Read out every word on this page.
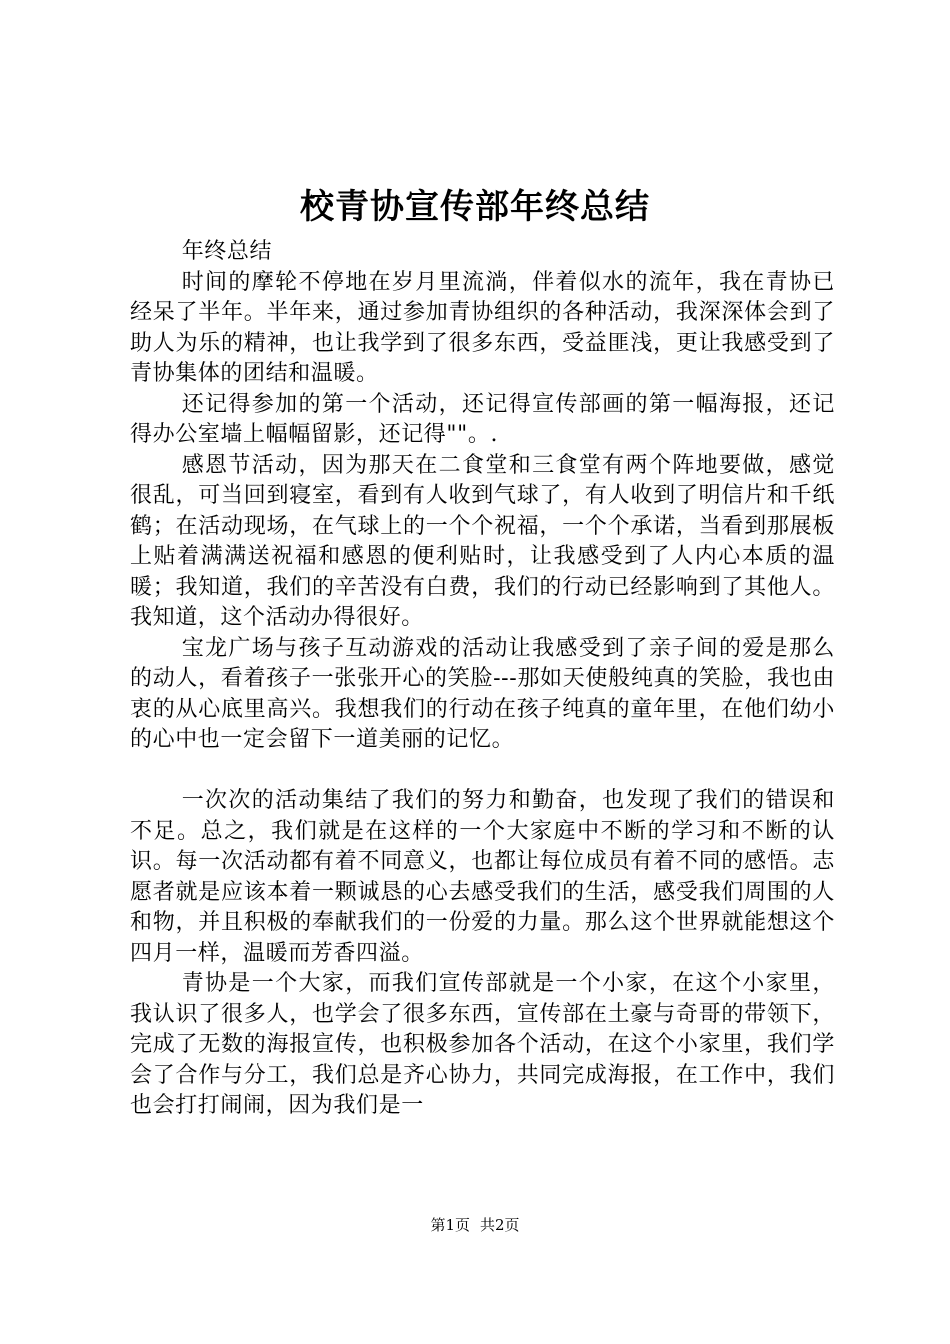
校青协宣传部年终总结

年终总结

时间的摩轮不停地在岁月里流淌，伴着似水的流年，我在青协已经呆了半年。半年来，通过参加青协组织的各种活动，我深深体会到了助人为乐的精神，也让我学到了很多东西，受益匪浅，更让我感受到了青协集体的团结和温暖。

还记得参加的第一个活动，还记得宣传部画的第一幅海报，还记得办公室墙上幅幅留影，还记得""。.

感恩节活动，因为那天在二食堂和三食堂有两个阵地要做，感觉很乱，可当回到寝室，看到有人收到气球了，有人收到了明信片和千纸鹤；在活动现场，在气球上的一个个祝福，一个个承诺，当看到那展板上贴着满满送祝福和感恩的便利贴时，让我感受到了人内心本质的温暖；我知道，我们的辛苦没有白费，我们的行动已经影响到了其他人。我知道，这个活动办得很好。

宝龙广场与孩子互动游戏的活动让我感受到了亲子间的爱是那么的动人，看着孩子一张张开心的笑脸---那如天使般纯真的笑脸，我也由衷的从心底里高兴。我想我们的行动在孩子纯真的童年里，在他们幼小的心中也一定会留下一道美丽的记忆。

一次次的活动集结了我们的努力和勤奋，也发现了我们的错误和不足。总之，我们就是在这样的一个大家庭中不断的学习和不断的认识。每一次活动都有着不同意义，也都让每位成员有着不同的感悟。志愿者就是应该本着一颗诚恳的心去感受我们的生活，感受我们周围的人和物，并且积极的奉献我们的一份爱的力量。那么这个世界就能想这个四月一样，温暖而芳香四溢。

青协是一个大家，而我们宣传部就是一个小家，在这个小家里，我认识了很多人，也学会了很多东西，宣传部在土豪与奇哥的带领下，完成了无数的海报宣传，也积极参加各个活动，在这个小家里，我们学会了合作与分工，我们总是齐心协力，共同完成海报，在工作中，我们也会打打闹闹，因为我们是一

第1页 共2页
